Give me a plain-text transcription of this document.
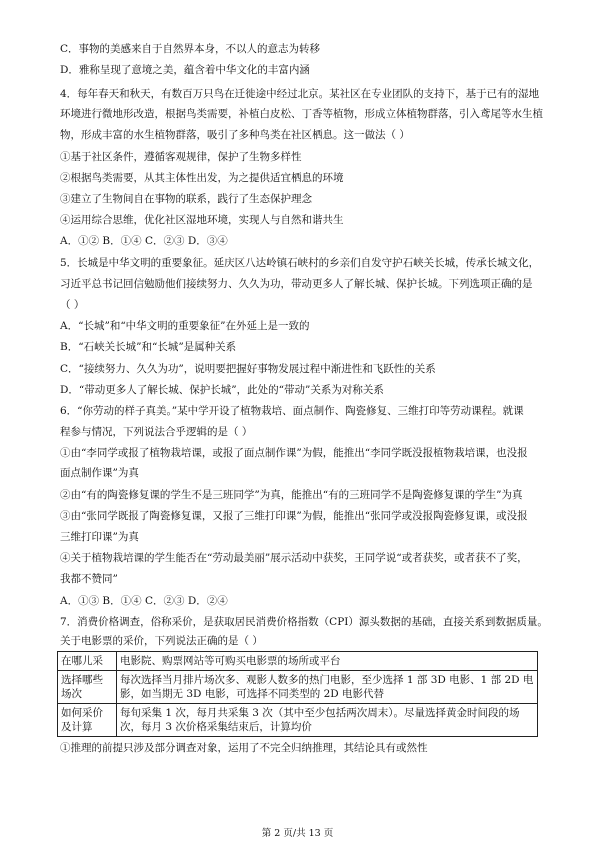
C．事物的美感来自于自然界本身，不以人的意志为转移
D．雅称呈现了意境之美，蕴含着中华文化的丰富内涵
4．每年春天和秋天，有数百万只鸟在迁徙途中经过北京。某社区在专业团队的支持下，基于已有的湿地
环境进行微地形改造，根据鸟类需要，补植白皮松、丁香等植物，形成立体植物群落，引入鸢尾等水生植
物，形成丰富的水生植物群落，吸引了多种鸟类在社区栖息。这一做法（ ）
①基于社区条件，遵循客观规律，保护了生物多样性
②根据鸟类需要，从其主体性出发，为之提供适宜栖息的环境
③建立了生物间自在事物的联系，践行了生态保护理念
④运用综合思维，优化社区湿地环境，实现人与自然和谐共生
A．①② B．①④ C．②③ D．③④
5．长城是中华文明的重要象征。延庆区八达岭镇石峡村的乡亲们自发守护石峡关长城，传承长城文化，
习近平总书记回信勉励他们接续努力、久久为功，带动更多人了解长城、保护长城。下列选项正确的是
（ ）
A．“长城”和“中华文明的重要象征”在外延上是一致的
B．“石峡关长城”和“长城”是属种关系
C．“接续努力、久久为功”，说明要把握好事物发展过程中渐进性和飞跃性的关系
D．“带动更多人了解长城、保护长城”，此处的“带动”关系为对称关系
6．“你劳动的样子真美。”某中学开设了植物栽培、面点制作、陶瓷修复、三维打印等劳动课程。就课
程参与情况，下列说法合乎逻辑的是（ ）
①由“李同学或报了植物栽培课，或报了面点制作课”为假，能推出“李同学既没报植物栽培课，也没报
面点制作课”为真
②由“有的陶瓷修复课的学生不是三班同学”为真，能推出“有的三班同学不是陶瓷修复课的学生”为真
③由“张同学既报了陶瓷修复课，又报了三维打印课”为假，能推出“张同学或没报陶瓷修复课，或没报
三维打印课”为真
④关于植物栽培课的学生能否在“劳动最美丽”展示活动中获奖，王同学说“或者获奖，或者获不了奖，
我都不赞同”
A．①③ B．①④ C．②③ D．②④
7．消费价格调查，俗称采价，是获取居民消费价格指数（CPI）源头数据的基础，直接关系到数据质量。
关于电影票的采价，下列说法正确的是（ ）
在哪儿采	电影院、购票网站等可购买电影票的场所或平台
选择哪些场次	每次选择当月排片场次多、观影人数多的热门电影，至少选择 1 部 3D 电影、1 部 2D 电影，如当期无 3D 电影，可选择不同类型的 2D 电影代替
如何采价及计算	每旬采集 1 次，每月共采集 3 次（其中至少包括两次周末）。尽量选择黄金时间段的场次，每月 3 次价格采集结束后，计算均价
①推理的前提只涉及部分调查对象，运用了不完全归纳推理，其结论具有或然性
第 2 页/共 13 页
